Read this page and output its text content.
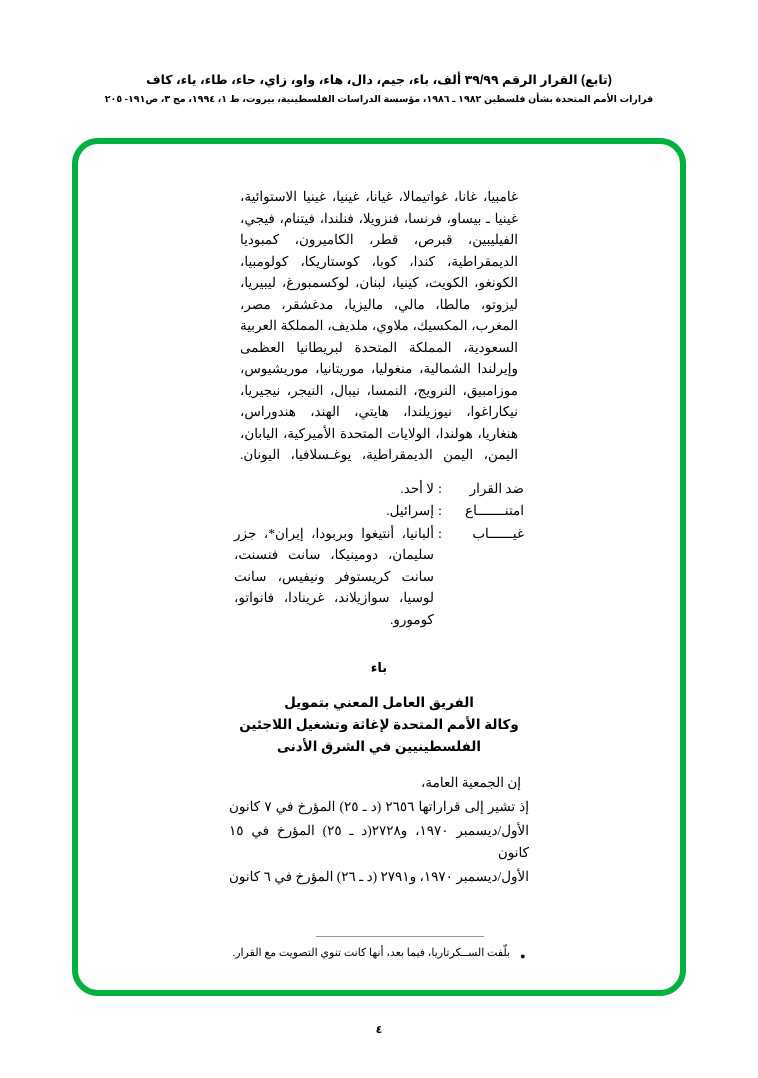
(تابع) القرار الرقم ٣٩/٩٩ ألف، باء، جيم، دال، هاء، واو، زاي، حاء، طاء، ياء، كاف
قرارات الأمم المتحدة بشأن فلسطين ١٩٨٢ ـ ١٩٨٦، مؤسسة الدراسات الفلسطينية، بيروت، ط ١، ١٩٩٤، مج ٣، ص١٩١- ٢٠٥
غامبيا، غانا، غواتيمالا، غيانا، غينيا، غينيا الاستوائية، غينيا ـ بيساو، فرنسا، فنزويلا، فنلندا، فيتنام، فيجي، الفيليبين، قبرص، قطر، الكاميرون، كمبوديا الديمقراطية، كندا، كوبا، كوستاريكا، كولومبيا، الكونغو، الكويت، كينيا، لبنان، لوكسمبورغ، ليبيريا، ليزوتو، مالطا، مالي، ماليزيا، مدغشقر، مصر، المغرب، المكسيك، ملاوي، ملديف، المملكة العربية السعودية، المملكة المتحدة لبريطانيا العظمى وإيرلندا الشمالية، منغوليا، موريتانيا، موريشيوس، موزامبيق، النرويج، النمسا، نيبال، النيجر، نيجيريا، نيكاراغوا، نيوزيلندا، هايتي، الهند، هندوراس، هنغاريا، هولندا، الولايات المتحدة الأميركية، اليابان، اليمن، اليمن الديمقراطية، يوغـسلافيا، اليونان.
ضد القرار
:
لا أحد.
امتنـــــــاع
:
إسرائيل.
غيــــــاب
:
ألبانيا، أنتيغوا وبربودا، إيران*، جزر سليمان، دومينيكا، سانت فنسنت، سانت كريستوفر ونيفيس، سانت لوسيا، سوازيلاند، غرينادا، فانواتو، كومورو.
باء
الفريق العامل المعني بتمويل
وكالة الأمم المتحدة لإغاثة وتشغيل اللاجئين
الفلسطينيين في الشرق الأدنى
إن الجمعية العامة،
إذ تشير إلى قراراتها ٢٦٥٦ (د ـ ٢٥) المؤرخ في ٧ كانون
الأول/ديسمبر ١٩٧٠، و٢٧٢٨(د ـ ٢٥) المؤرخ في ١٥ كانون
الأول/ديسمبر ١٩٧٠، و٢٧٩١ (د ـ ٢٦) المؤرخ في ٦ كانون
●
بلّفت الســكرتاريا، فيما بعد، أنها كانت تنوي التصويت مع القرار.
٤
